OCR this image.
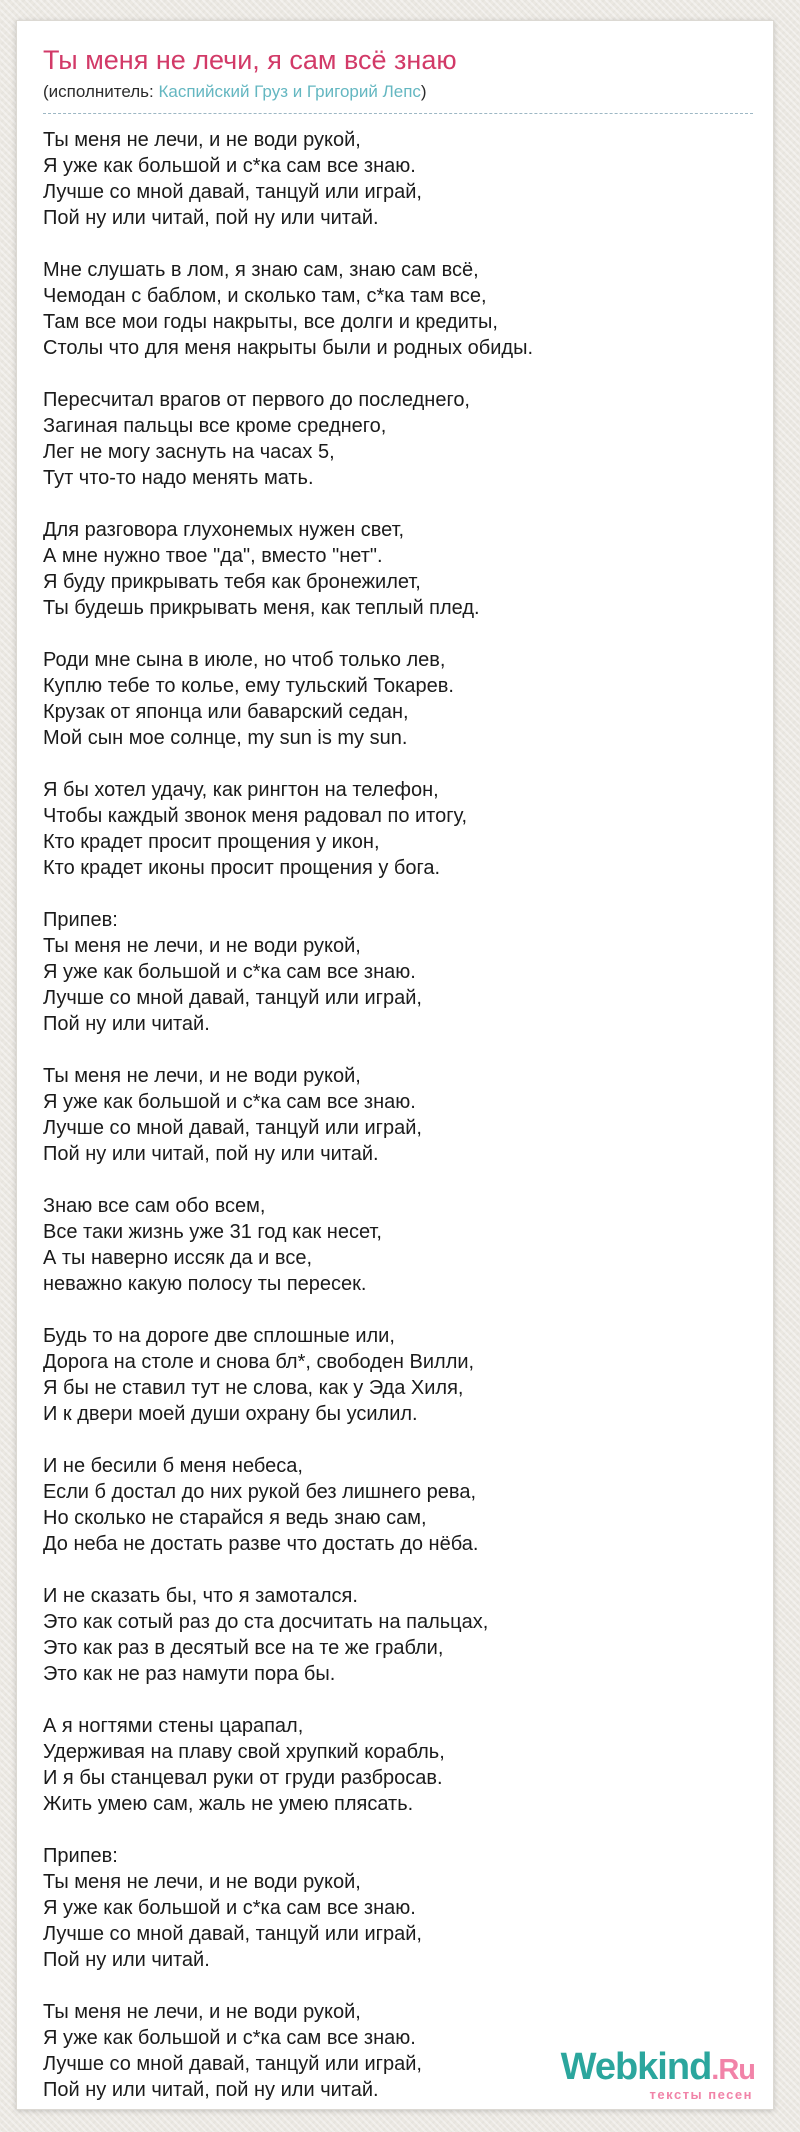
Ты меня не лечи, я сам всё знаю
(исполнитель: Каспийский Груз и Григорий Лепс)
Ты меня не лечи, и не води рукой,
Я уже как большой и с*ка сам все знаю.
Лучше со мной давай, танцуй или играй,
Пой ну или читай, пой ну или читай.
Мне слушать в лом, я знаю сам, знаю сам всё,
Чемодан с баблом, и сколько там, с*ка там все,
Там все мои годы накрыты, все долги и кредиты,
Столы что для меня накрыты были и родных обиды.
Пересчитал врагов от первого до последнего,
Загиная пальцы все кроме среднего,
Лег не могу заснуть на часах 5,
Тут что-то надо менять мать.
Для разговора глухонемых нужен свет,
А мне нужно твое "да", вместо "нет".
Я буду прикрывать тебя как бронежилет,
Ты будешь прикрывать меня, как теплый плед.
Роди мне сына в июле, но чтоб только лев,
Куплю тебе то колье, ему тульский Токарев.
Крузак от японца или баварский седан,
Мой сын мое солнце, my sun is my sun.
Я бы хотел удачу, как рингтон на телефон,
Чтобы каждый звонок меня радовал по итогу,
Кто крадет просит прощения у икон,
Кто крадет иконы просит прощения у бога.
Припев:
Ты меня не лечи, и не води рукой,
Я уже как большой и с*ка сам все знаю.
Лучше со мной давай, танцуй или играй,
Пой ну или читай.
Ты меня не лечи, и не води рукой,
Я уже как большой и с*ка сам все знаю.
Лучше со мной давай, танцуй или играй,
Пой ну или читай, пой ну или читай.
Знаю все сам обо всем,
Все таки жизнь уже 31 год как несет,
А ты наверно иссяк да и все,
неважно какую полосу ты пересек.
Будь то на дороге две сплошные или,
Дорога на столе и снова бл*, свободен Вилли,
Я бы не ставил тут не слова, как у Эда Хиля,
И к двери моей души охрану бы усилил.
И не бесили б меня небеса,
Если б достал до них рукой без лишнего рева,
Но сколько не старайся я ведь знаю сам,
До неба не достать разве что достать до нёба.
И не сказать бы, что я замотался.
Это как сотый раз до ста досчитать на пальцах,
Это как раз в десятый все на те же грабли,
Это как не раз намути пора бы.
А я ногтями стены царапал,
Удерживая на плаву свой хрупкий корабль,
И я бы станцевал руки от груди разбросав.
Жить умею сам, жаль не умею плясать.
Припев:
Ты меня не лечи, и не води рукой,
Я уже как большой и с*ка сам все знаю.
Лучше со мной давай, танцуй или играй,
Пой ну или читай.
Ты меня не лечи, и не води рукой,
Я уже как большой и с*ка сам все знаю.
Лучше со мной давай, танцуй или играй,
Пой ну или читай, пой ну или читай.
Webkind.Ru
тексты песен
